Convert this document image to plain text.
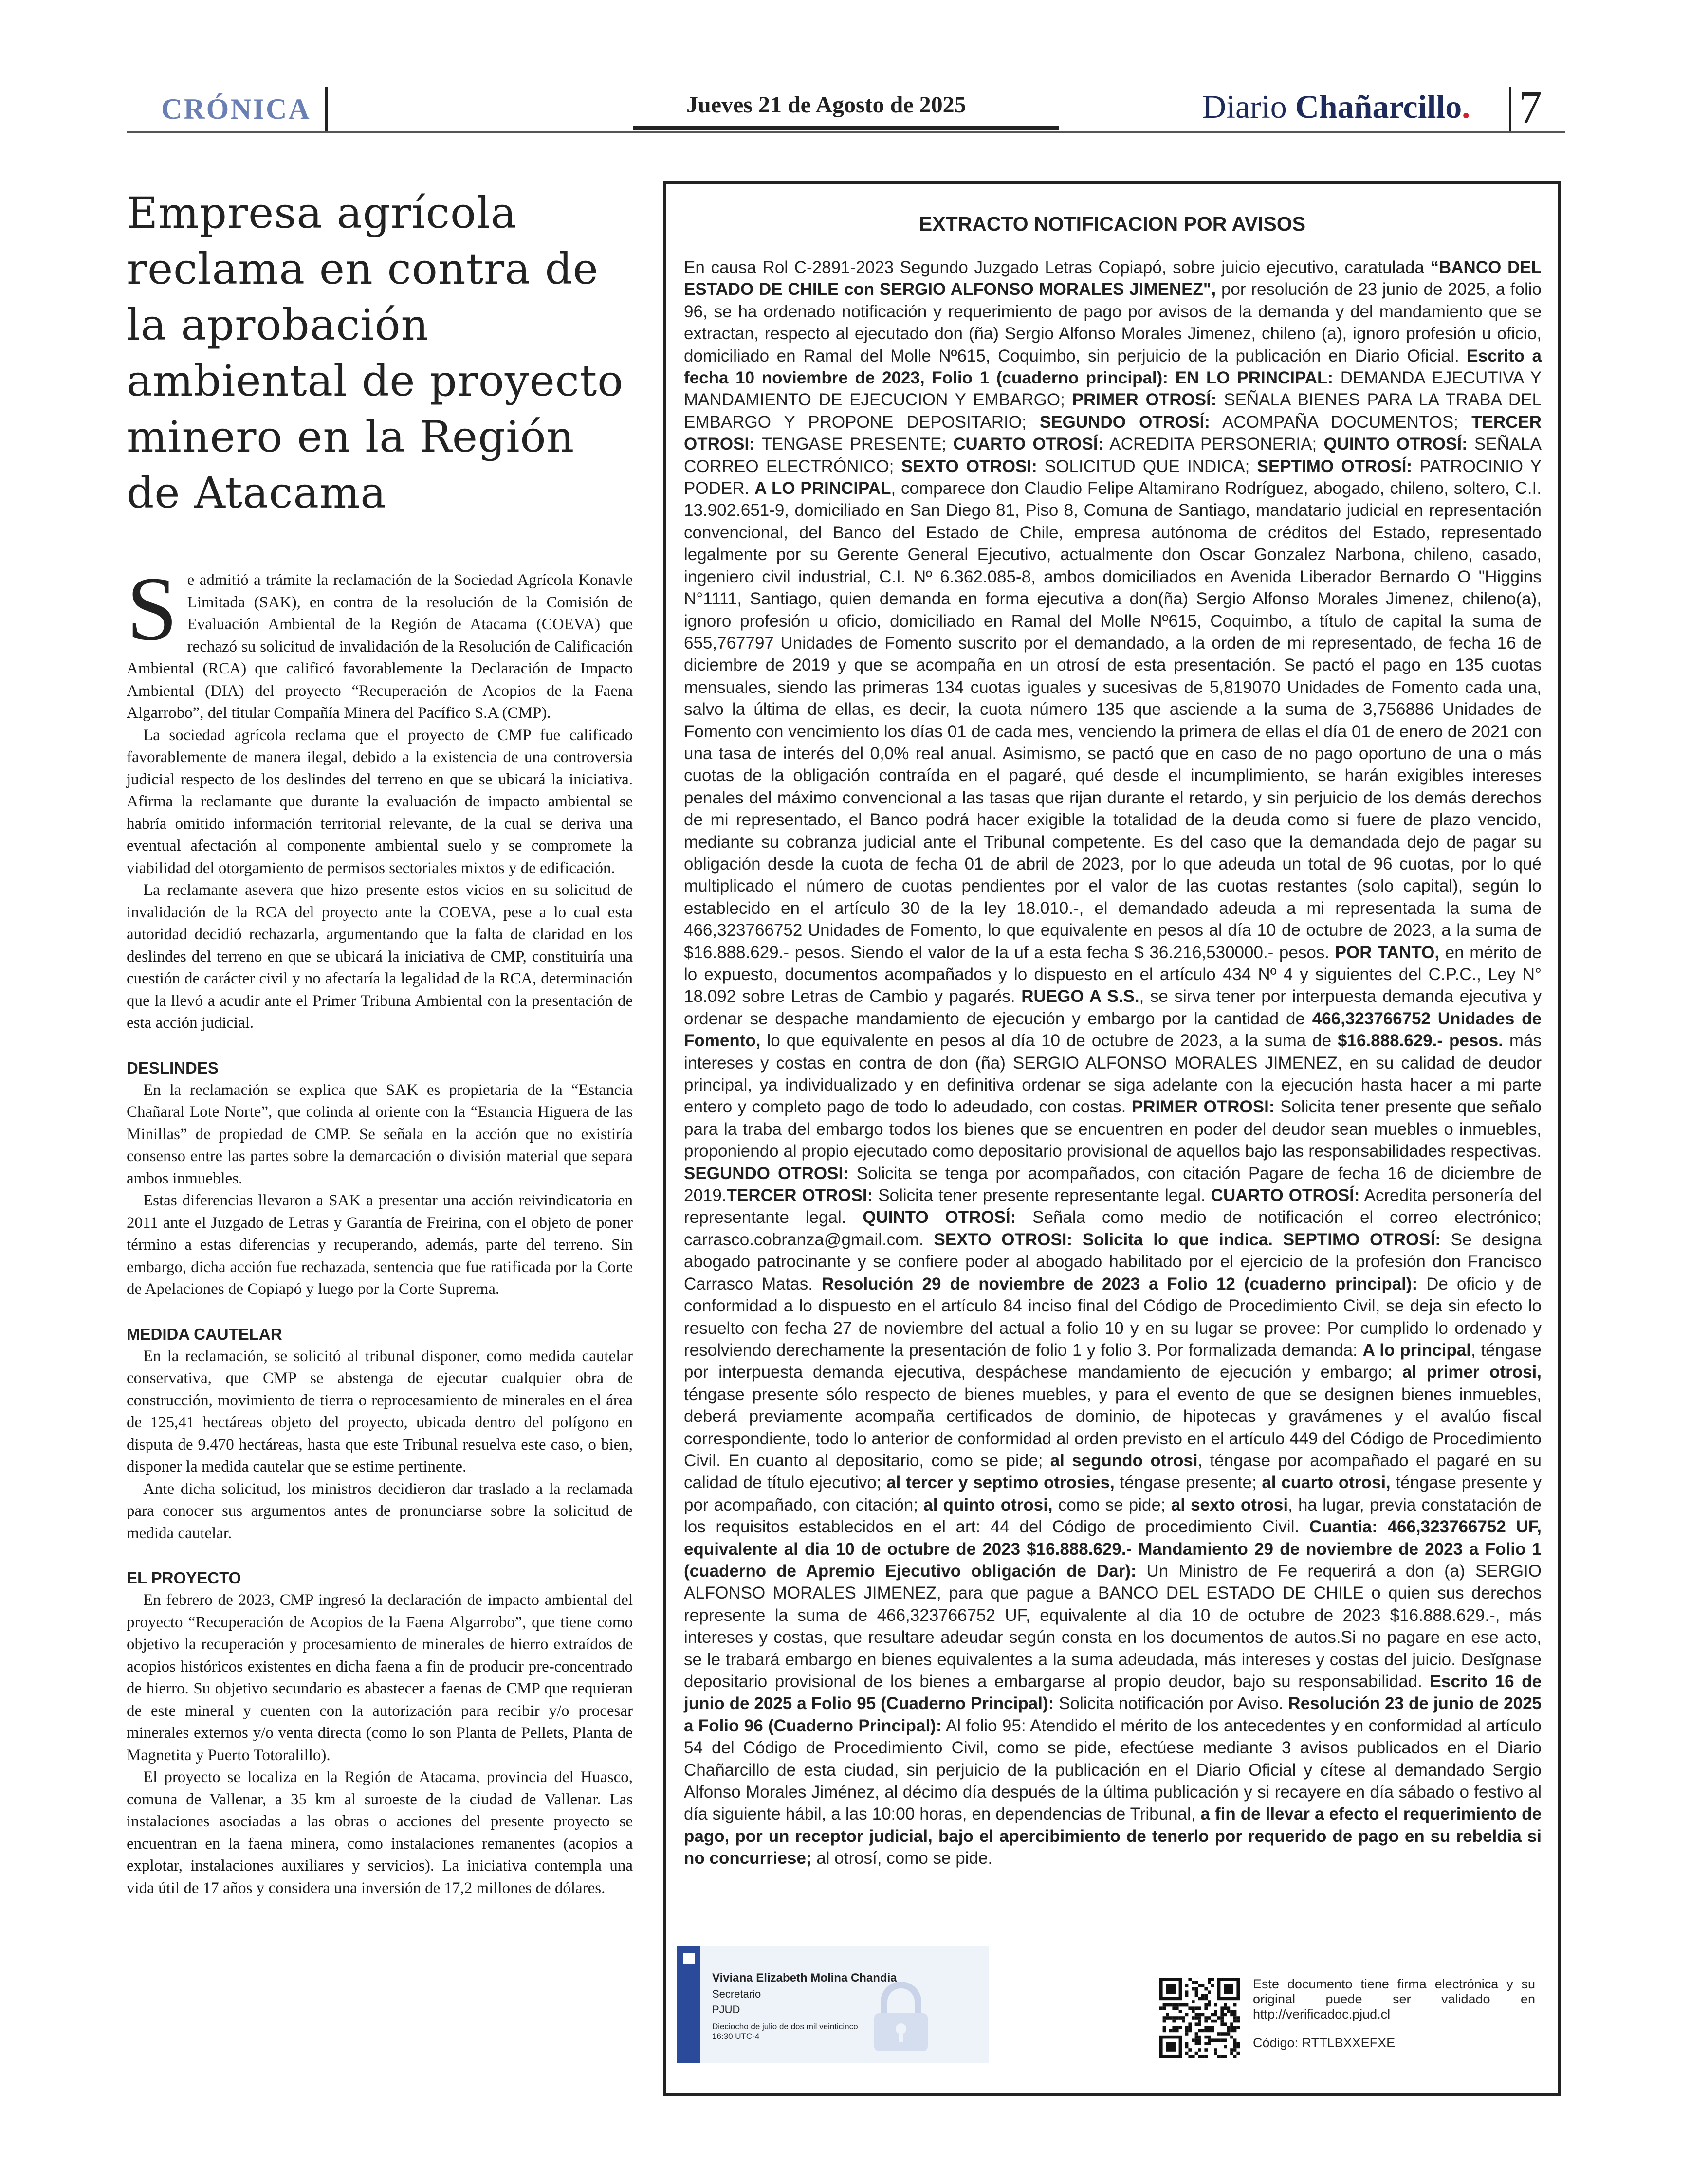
CRÓNICA	Jueves 21 de Agosto de 2025	Diario Chañarcillo. 7
Empresa agrícola reclama en contra de la aprobación ambiental de proyecto minero en la Región de Atacama

Se admitió a trámite la reclamación de la Sociedad Agrícola Konavle Limitada (SAK), en contra de la resolución de la Comisión de Evaluación Ambiental de la Región de Atacama (COEVA) que rechazó su solicitud de invalidación de la Resolución de Calificación Ambiental (RCA) que calificó favorablemente la Declaración de Impacto Ambiental (DIA) del proyecto “Recuperación de Acopios de la Faena Algarrobo”, del titular Compañía Minera del Pacífico S.A (CMP).

La sociedad agrícola reclama que el proyecto de CMP fue calificado favorablemente de manera ilegal, debido a la existencia de una controversia judicial respecto de los deslindes del terreno en que se ubicará la iniciativa. Afirma la reclamante que durante la evaluación de impacto ambiental se habría omitido información territorial relevante, de la cual se deriva una eventual afectación al componente ambiental suelo y se compromete la viabilidad del otorgamiento de permisos sectoriales mixtos y de edificación.

La reclamante asevera que hizo presente estos vicios en su solicitud de invalidación de la RCA del proyecto ante la COEVA, pese a lo cual esta autoridad decidió rechazarla, argumentando que la falta de claridad en los deslindes del terreno en que se ubicará la iniciativa de CMP, constituiría una cuestión de carácter civil y no afectaría la legalidad de la RCA, determinación que la llevó a acudir ante el Primer Tribuna Ambiental con la presentación de esta acción judicial.

DESLINDES

En la reclamación se explica que SAK es propietaria de la “Estancia Chañaral Lote Norte”, que colinda al oriente con la “Estancia Higuera de las Minillas” de propiedad de CMP. Se señala en la acción que no existiría consenso entre las partes sobre la demarcación o división material que separa ambos inmuebles.

Estas diferencias llevaron a SAK a presentar una acción reivindicatoria en 2011 ante el Juzgado de Letras y Garantía de Freirina, con el objeto de poner término a estas diferencias y recuperando, además, parte del terreno. Sin embargo, dicha acción fue rechazada, sentencia que fue ratificada por la Corte de Apelaciones de Copiapó y luego por la Corte Suprema.

MEDIDA CAUTELAR

En la reclamación, se solicitó al tribunal disponer, como medida cautelar conservativa, que CMP se abstenga de ejecutar cualquier obra de construcción, movimiento de tierra o reprocesamiento de minerales en el área de 125,41 hectáreas objeto del proyecto, ubicada dentro del polígono en disputa de 9.470 hectáreas, hasta que este Tribunal resuelva este caso, o bien, disponer la medida cautelar que se estime pertinente.

Ante dicha solicitud, los ministros decidieron dar traslado a la reclamada para conocer sus argumentos antes de pronunciarse sobre la solicitud de medida cautelar.

EL PROYECTO

En febrero de 2023, CMP ingresó la declaración de impacto ambiental del proyecto “Recuperación de Acopios de la Faena Algarrobo”, que tiene como objetivo la recuperación y procesamiento de minerales de hierro extraídos de acopios históricos existentes en dicha faena a fin de producir pre-concentrado de hierro. Su objetivo secundario es abastecer a faenas de CMP que requieran de este mineral y cuenten con la autorización para recibir y/o procesar minerales externos y/o venta directa (como lo son Planta de Pellets, Planta de Magnetita y Puerto Totoralillo).

El proyecto se localiza en la Región de Atacama, provincia del Huasco, comuna de Vallenar, a 35 km al suroeste de la ciudad de Vallenar. Las instalaciones asociadas a las obras o acciones del presente proyecto se encuentran en la faena minera, como instalaciones remanentes (acopios a explotar, instalaciones auxiliares y servicios). La iniciativa contempla una vida útil de 17 años y considera una inversión de 17,2 millones de dólares.

EXTRACTO NOTIFICACION POR AVISOS

En causa Rol C-2891-2023 Segundo Juzgado Letras Copiapó, sobre juicio ejecutivo, caratulada “BANCO DEL ESTADO DE CHILE con SERGIO ALFONSO MORALES JIMENEZ", por resolución de 23 junio de 2025, a folio 96, se ha ordenado notificación y requerimiento de pago por avisos de la demanda y del mandamiento que se extractan, respecto al ejecutado don (ña) Sergio Alfonso Morales Jimenez, chileno (a), ignoro profesión u oficio, domiciliado en Ramal del Molle Nº615, Coquimbo, sin perjuicio de la publicación en Diario Oficial. Escrito a fecha 10 noviembre de 2023, Folio 1 (cuaderno principal): EN LO PRINCIPAL: DEMANDA EJECUTIVA Y MANDAMIENTO DE EJECUCION Y EMBARGO; PRIMER OTROSÍ: SEÑALA BIENES PARA LA TRABA DEL EMBARGO Y PROPONE DEPOSITARIO; SEGUNDO OTROSÍ: ACOMPAÑA DOCUMENTOS; TERCER OTROSI: TENGASE PRESENTE; CUARTO OTROSÍ: ACREDITA PERSONERIA; QUINTO OTROSÍ: SEÑALA CORREO ELECTRÓNICO; SEXTO OTROSI: SOLICITUD QUE INDICA; SEPTIMO OTROSÍ: PATROCINIO Y PODER. A LO PRINCIPAL, comparece don Claudio Felipe Altamirano Rodríguez, abogado, chileno, soltero, C.I. 13.902.651-9, domiciliado en San Diego 81, Piso 8, Comuna de Santiago, mandatario judicial en representación convencional, del Banco del Estado de Chile, empresa autónoma de créditos del Estado, representado legalmente por su Gerente General Ejecutivo, actualmente don Oscar Gonzalez Narbona, chileno, casado, ingeniero civil industrial, C.I. Nº 6.362.085-8, ambos domiciliados en Avenida Liberador Bernardo O "Higgins N°1111, Santiago, quien demanda en forma ejecutiva a don(ña) Sergio Alfonso Morales Jimenez, chileno(a), ignoro profesión u oficio, domiciliado en Ramal del Molle Nº615, Coquimbo, a título de capital la suma de 655,767797 Unidades de Fomento suscrito por el demandado, a la orden de mi representado, de fecha 16 de diciembre de 2019 y que se acompaña en un otrosí de esta presentación. Se pactó el pago en 135 cuotas mensuales, siendo las primeras 134 cuotas iguales y sucesivas de 5,819070 Unidades de Fomento cada una, salvo la última de ellas, es decir, la cuota número 135 que asciende a la suma de 3,756886 Unidades de Fomento con vencimiento los días 01 de cada mes, venciendo la primera de ellas el día 01 de enero de 2021 con una tasa de interés del 0,0% real anual. Asimismo, se pactó que en caso de no pago oportuno de una o más cuotas de la obligación contraída en el pagaré, qué desde el incumplimiento, se harán exigibles intereses penales del máximo convencional a las tasas que rijan durante el retardo, y sin perjuicio de los demás derechos de mi representado, el Banco podrá hacer exigible la totalidad de la deuda como si fuere de plazo vencido, mediante su cobranza judicial ante el Tribunal competente. Es del caso que la demandada dejo de pagar su obligación desde la cuota de fecha 01 de abril de 2023, por lo que adeuda un total de 96 cuotas, por lo qué multiplicado el número de cuotas pendientes por el valor de las cuotas restantes (solo capital), según lo establecido en el artículo 30 de la ley 18.010.-, el demandado adeuda a mi representada la suma de 466,323766752 Unidades de Fomento, lo que equivalente en pesos al día 10 de octubre de 2023, a la suma de $16.888.629.- pesos. Siendo el valor de la uf a esta fecha $ 36.216,530000.- pesos. POR TANTO, en mérito de lo expuesto, documentos acompañados y lo dispuesto en el artículo 434 Nº 4 y siguientes del C.P.C., Ley N° 18.092 sobre Letras de Cambio y pagarés. RUEGO A S.S., se sirva tener por interpuesta demanda ejecutiva y ordenar se despache mandamiento de ejecución y embargo por la cantidad de 466,323766752 Unidades de Fomento, lo que equivalente en pesos al día 10 de octubre de 2023, a la suma de $16.888.629.- pesos. más intereses y costas en contra de don (ña) SERGIO ALFONSO MORALES JIMENEZ, en su calidad de deudor principal, ya individualizado y en definitiva ordenar se siga adelante con la ejecución hasta hacer a mi parte entero y completo pago de todo lo adeudado, con costas. PRIMER OTROSI: Solicita tener presente que señalo para la traba del embargo todos los bienes que se encuentren en poder del deudor sean muebles o inmuebles, proponiendo al propio ejecutado como depositario provisional de aquellos bajo las responsabilidades respectivas. SEGUNDO OTROSI: Solicita se tenga por acompañados, con citación Pagare de fecha 16 de diciembre de 2019.TERCER OTROSI: Solicita tener presente representante legal. CUARTO OTROSÍ: Acredita personería del representante legal. QUINTO OTROSÍ: Señala como medio de notificación el correo electrónico; carrasco.cobranza@gmail.com. SEXTO OTROSI: Solicita lo que indica. SEPTIMO OTROSÍ: Se designa abogado patrocinante y se confiere poder al abogado habilitado por el ejercicio de la profesión don Francisco Carrasco Matas. Resolución 29 de noviembre de 2023 a Folio 12 (cuaderno principal): De oficio y de conformidad a lo dispuesto en el artículo 84 inciso final del Código de Procedimiento Civil, se deja sin efecto lo resuelto con fecha 27 de noviembre del actual a folio 10 y en su lugar se provee: Por cumplido lo ordenado y resolviendo derechamente la presentación de folio 1 y folio 3. Por formalizada demanda: A lo principal, téngase por interpuesta demanda ejecutiva, despáchese mandamiento de ejecución y embargo; al primer otrosi, téngase presente sólo respecto de bienes muebles, y para el evento de que se designen bienes inmuebles, deberá previamente acompaña certificados de dominio, de hipotecas y gravámenes y el avalúo fiscal correspondiente, todo lo anterior de conformidad al orden previsto en el artículo 449 del Código de Procedimiento Civil. En cuanto al depositario, como se pide; al segundo otrosi, téngase por acompañado el pagaré en su calidad de título ejecutivo; al tercer y septimo otrosies, téngase presente; al cuarto otrosi, téngase presente y por acompañado, con citación; al quinto otrosi, como se pide; al sexto otrosi, ha lugar, previa constatación de los requisitos establecidos en el art: 44 del Código de procedimiento Civil. Cuantia: 466,323766752 UF, equivalente al dia 10 de octubre de 2023 $16.888.629.- Mandamiento 29 de noviembre de 2023 a Folio 1 (cuaderno de Apremio Ejecutivo obligación de Dar): Un Ministro de Fe requerirá a don (a) SERGIO ALFONSO MORALES JIMENEZ, para que pague a BANCO DEL ESTADO DE CHILE o quien sus derechos represente la suma de 466,323766752 UF, equivalente al dia 10 de octubre de 2023 $16.888.629.-, más intereses y costas, que resultare adeudar según consta en los documentos de autos.Si no pagare en ese acto, se le trabará embargo en bienes equivalentes a la suma adeudada, más intereses y costas del juicio. Desǐgnase depositario provisional de los bienes a embargarse al propio deudor, bajo su responsabilidad. Escrito 16 de junio de 2025 a Folio 95 (Cuaderno Principal): Solicita notificación por Aviso. Resolución 23 de junio de 2025 a Folio 96 (Cuaderno Principal): Al folio 95: Atendido el mérito de los antecedentes y en conformidad al artículo 54 del Código de Procedimiento Civil, como se pide, efectúese mediante 3 avisos publicados en el Diario Chañarcillo de esta ciudad, sin perjuicio de la publicación en el Diario Oficial y cítese al demandado Sergio Alfonso Morales Jiménez, al décimo día después de la última publicación y si recayere en día sábado o festivo al día siguiente hábil, a las 10:00 horas, en dependencias de Tribunal, a fin de llevar a efecto el requerimiento de pago, por un receptor judicial, bajo el apercibimiento de tenerlo por requerido de pago en su rebeldia si no concurriese; al otrosí, como se pide.

Viviana Elizabeth Molina Chandia
Secretario
PJUD
Dieciocho de julio de dos mil veinticinco
16:30 UTC-4
Este documento tiene firma electrónica y su original puede ser validado en http://verificadoc.pjud.cl
Código: RTTLBXXEFXE
